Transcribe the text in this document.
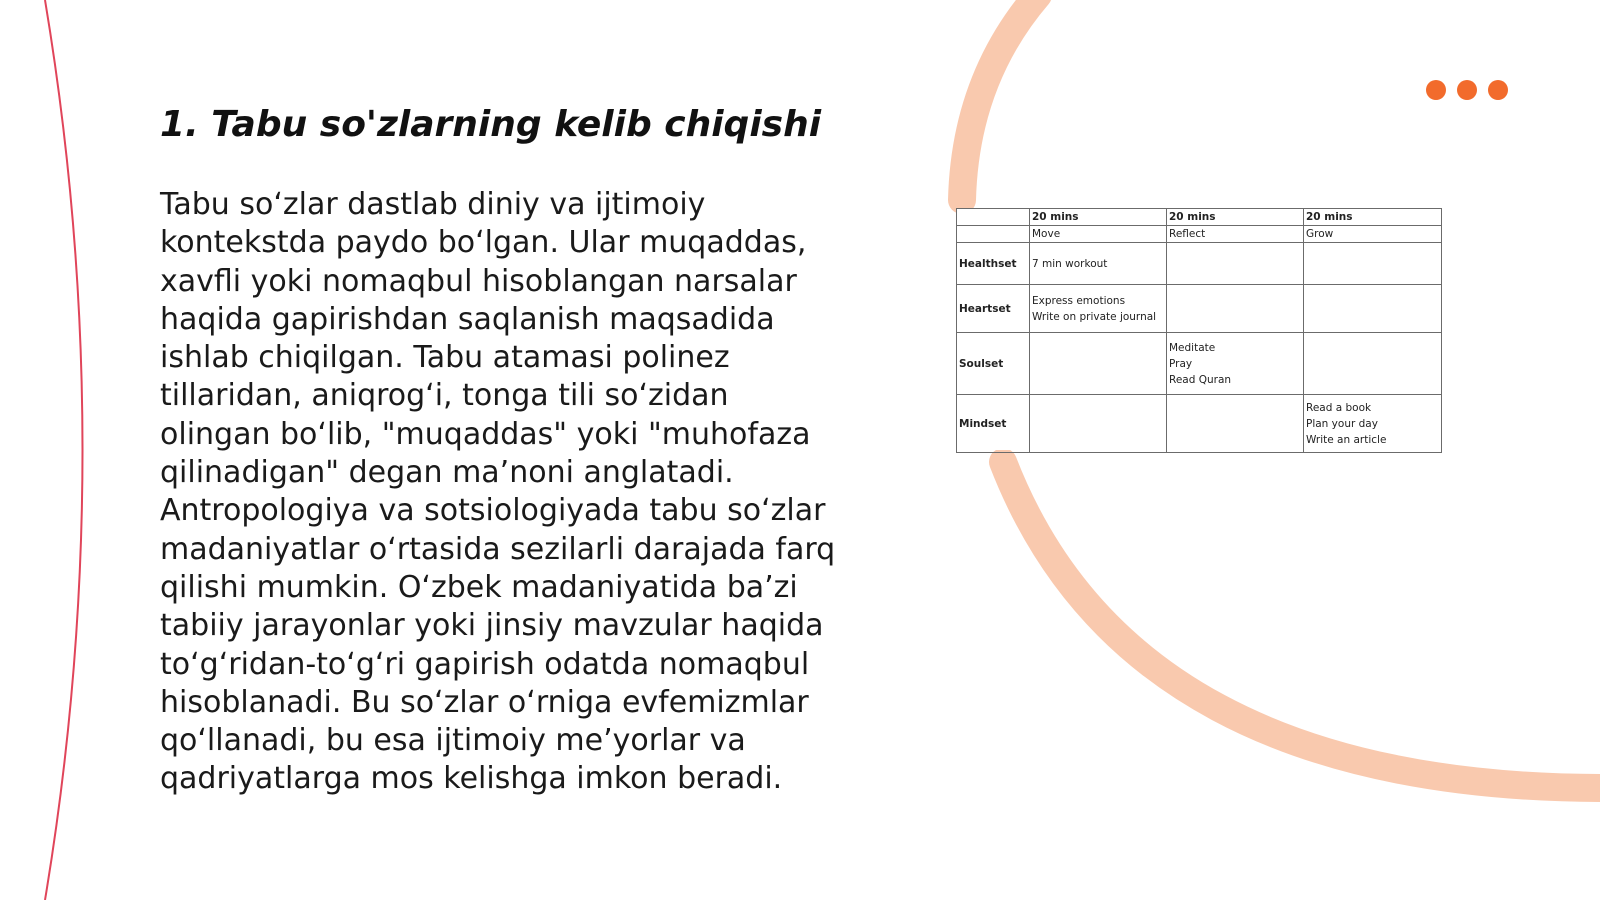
1. Tabu so'zlarning kelib chiqishi

Tabu so‘zlar dastlab diniy va ijtimoiy kontekstda paydo bo‘lgan. Ular muqaddas, xavfli yoki nomaqbul hisoblangan narsalar haqida gapirishdan saqlanish maqsadida ishlab chiqilgan. Tabu atamasi polinez tillaridan, aniqrog‘i, tonga tili so‘zidan olingan bo‘lib, "muqaddas" yoki "muhofaza qilinadigan" degan ma’noni anglatadi. Antropologiya va sotsiologiyada tabu so‘zlar madaniyatlar o‘rtasida sezilarli darajada farq qilishi mumkin. O‘zbek madaniyatida ba’zi tabiiy jarayonlar yoki jinsiy mavzular haqida to‘g‘ridan-to‘g‘ri gapirish odatda nomaqbul hisoblanadi. Bu so‘zlar o‘rniga evfemizmlar qo‘llanadi, bu esa ijtimoiy me’yorlar va qadriyatlarga mos kelishga imkon beradi.

	20 mins	20 mins	20 mins
	Move	Reflect	Grow
Healthset	7 min workout		

Heartset	Express emotions
Write on private journal		

Soulset		Meditate
Pray
Read Quran	

Mindset			Read a book
Plan your day
Write an article
